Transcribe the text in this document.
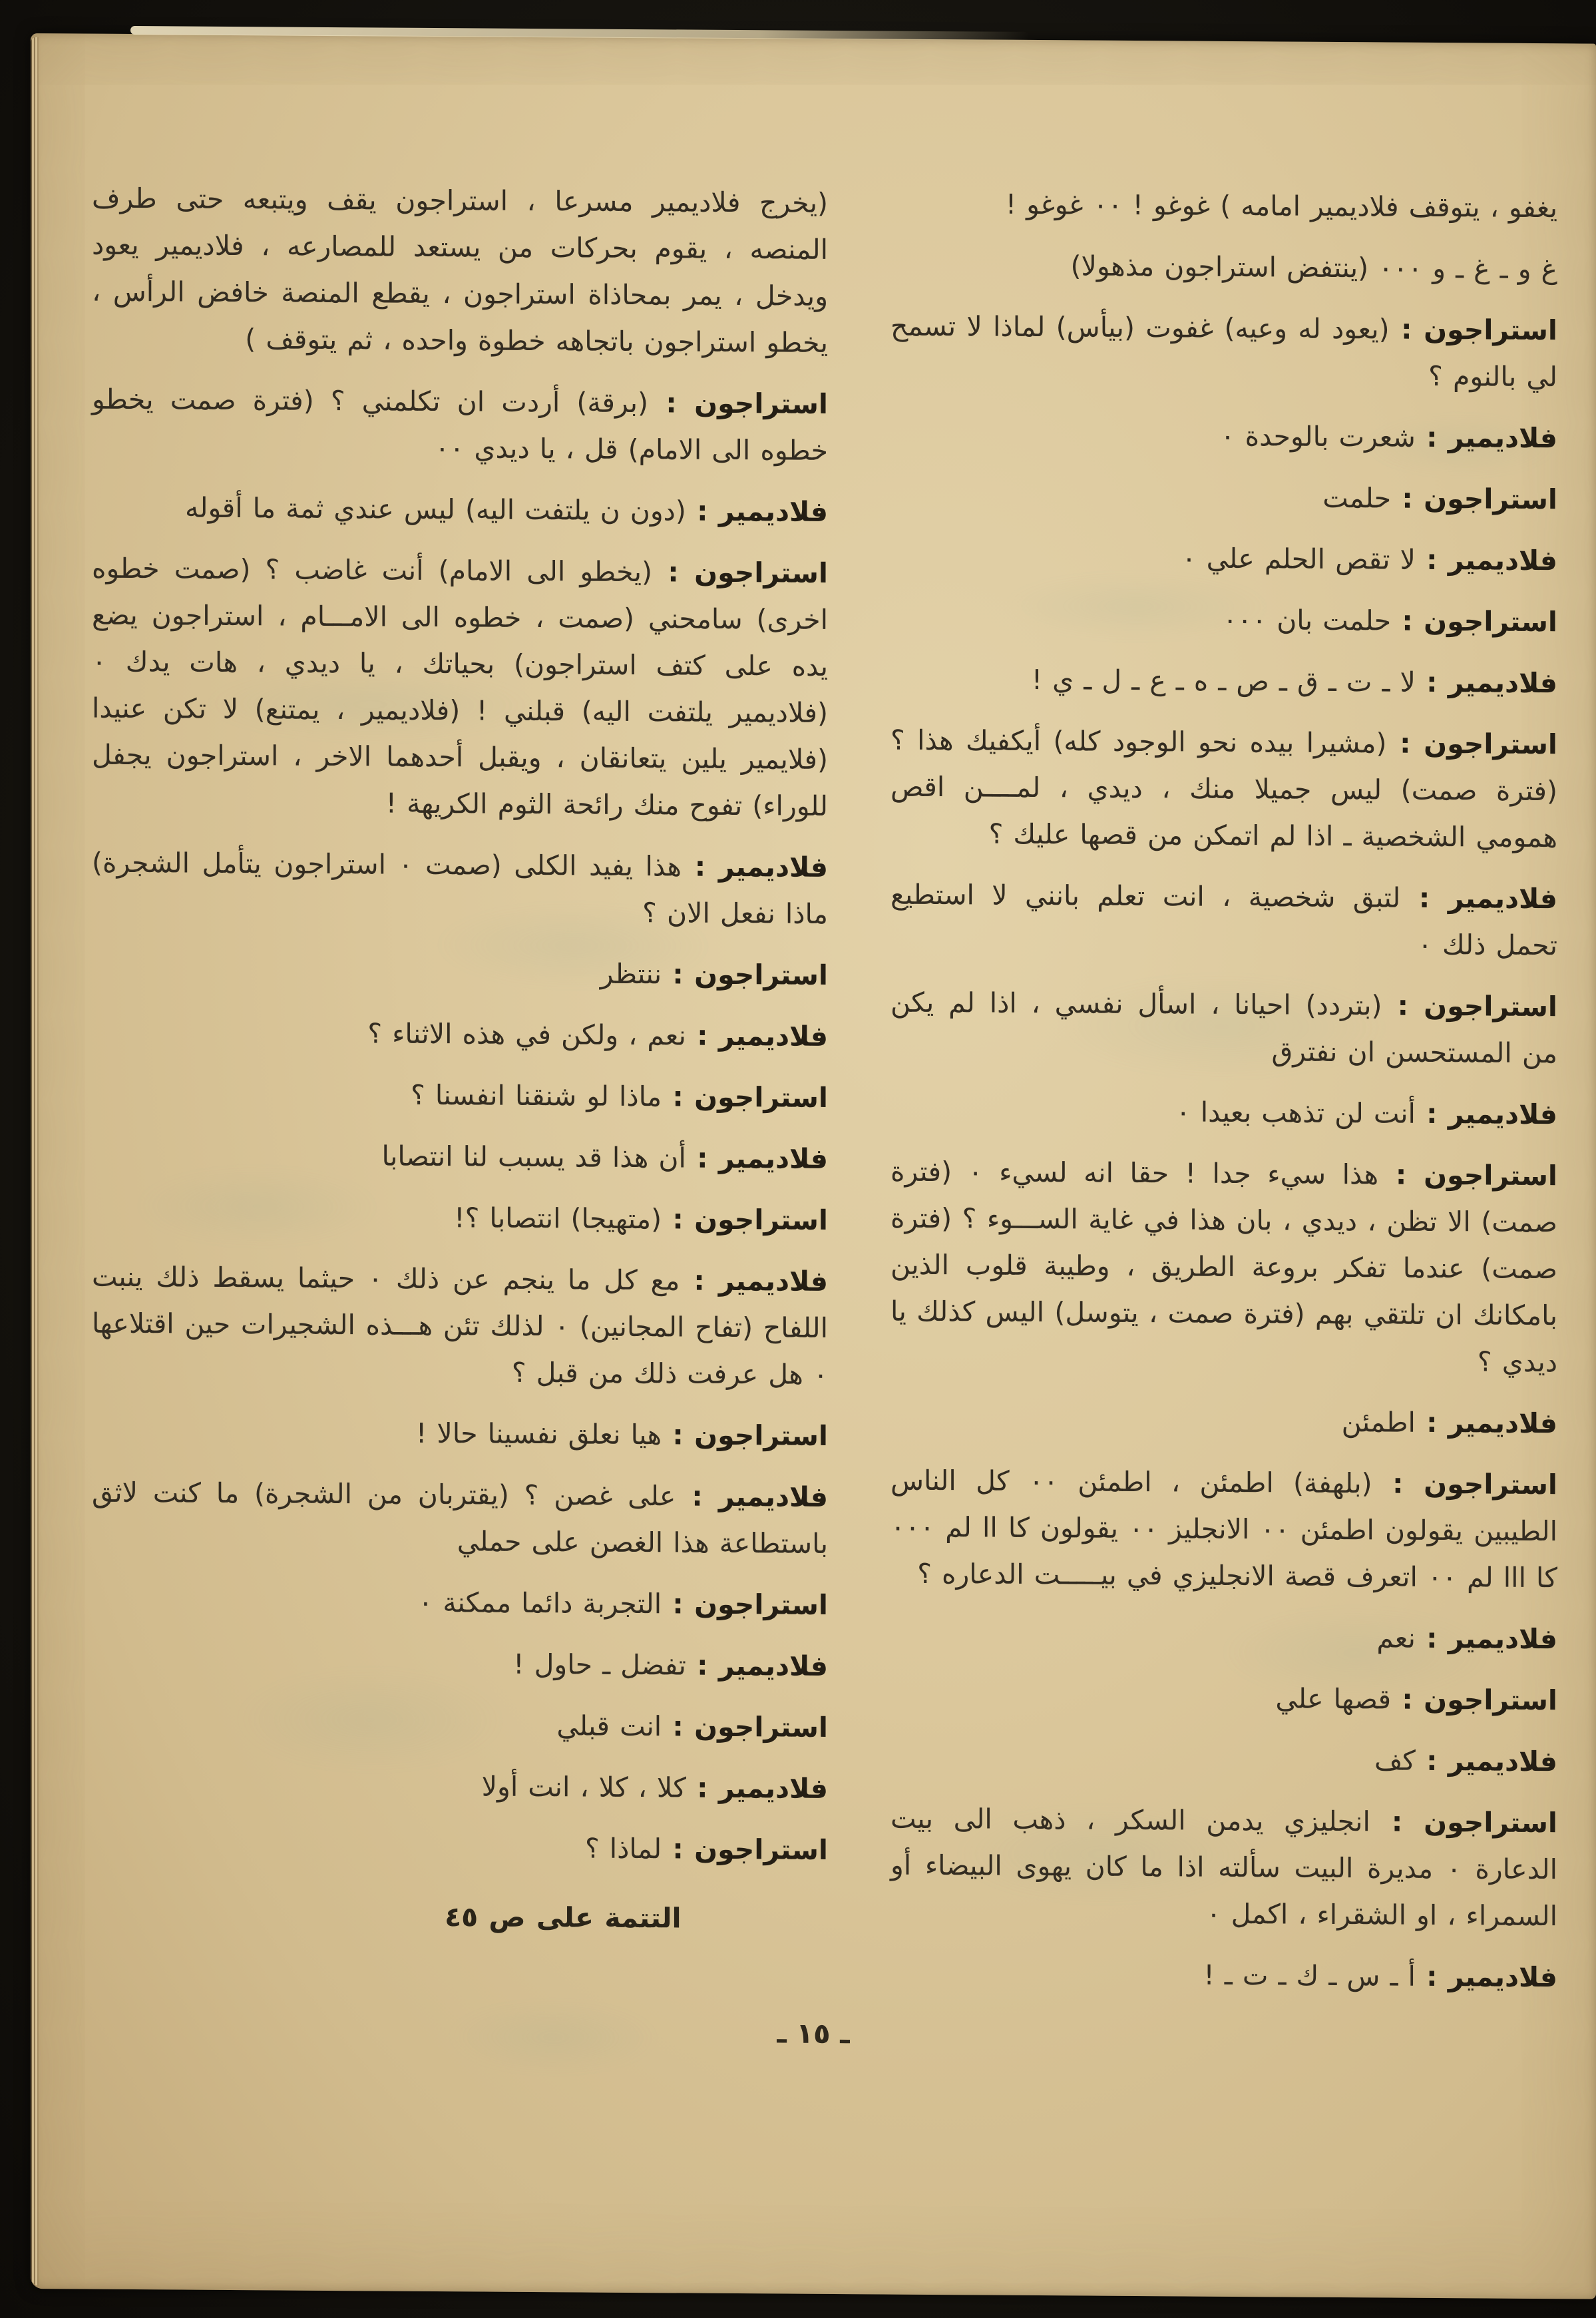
يغفو ، يتوقف فلاديمير امامه ) غوغو ! ٠٠ غوغو !

غ و ـ غ ـ و ٠٠٠ (ينتفض استراجون مذهولا)

استراجون : (يعود له وعيه) غفوت (بيأس) لماذا لا تسمح لي بالنوم ؟

فلاديمير : شعرت بالوحدة ٠

استراجون : حلمت

فلاديمير : لا تقص الحلم علي ٠

استراجون : حلمت بان ٠٠٠

فلاديمير : لا ـ ت ـ ق ـ ص ـ ه ـ ع ـ ل ـ ي !

استراجون : (مشيرا بيده نحو الوجود كله) أيكفيك هذا ؟ (فترة صمت) ليس جميلا منك ، ديدي ، لمــــن اقص همومي الشخصية ـ اذا لم اتمكن من قصها عليك ؟

فلاديمير : لتبق شخصية ، انت تعلم بانني لا استطيع تحمل ذلك ٠

استراجون : (بتردد) احيانا ، اسأل نفسي ، اذا لم يكن من المستحسن ان نفترق

فلاديمير : أنت لن تذهب بعيدا ٠

استراجون : هذا سيء جدا ! حقا انه لسيء ٠ (فترة صمت) الا تظن ، ديدي ، بان هذا في غاية الســـوء ؟ (فترة صمت) عندما تفكر بروعة الطريق ، وطيبة قلوب الذين بامكانك ان تلتقي بهم (فترة صمت ، يتوسل) اليس كذلك يا ديدي ؟

فلاديمير : اطمئن

استراجون : (بلهفة) اطمئن ، اطمئن ٠٠ كل الناس الطيبين يقولون اطمئن ٠٠ الانجليز ٠٠ يقولون كا اا لم ٠٠٠ كا ااا لم ٠٠ اتعرف قصة الانجليزي في بيـــــت الدعاره ؟

فلاديمير : نعم

استراجون : قصها علي

فلاديمير : كف

استراجون : انجليزي يدمن السكر ، ذهب الى بيت الدعارة ٠ مديرة البيت سألته اذا ما كان يهوى البيضاء أو السمراء ، او الشقراء ، اكمل ٠

فلاديمير : أ ـ س ـ ك ـ ت ـ !

(يخرج فلاديمير مسرعا ، استراجون يقف ويتبعه حتى طرف المنصه ، يقوم بحركات من يستعد للمصارعه ، فلاديمير يعود ويدخل ، يمر بمحاذاة استراجون ، يقطع المنصة خافض الرأس ، يخطو استراجون باتجاهه خطوة واحده ، ثم يتوقف )

استراجون : (برقة) أردت ان تكلمني ؟ (فترة صمت يخطو خطوه الى الامام) قل ، يا ديدي ٠٠

فلاديمير : (دون ن يلتفت اليه) ليس عندي ثمة ما أقوله

استراجون : (يخطو الى الامام) أنت غاضب ؟ (صمت خطوه اخرى) سامحني (صمت ، خطوه الى الامـــام ، استراجون يضع يده على كتف استراجون) بحياتك ، يا ديدي ، هات يدك ٠ (فلاديمير يلتفت اليه) قبلني ! (فلاديمير ، يمتنع) لا تكن عنيدا (فلايمير يلين يتعانقان ، ويقبل أحدهما الاخر ، استراجون يجفل للوراء) تفوح منك رائحة الثوم الكريهة !

فلاديمير : هذا يفيد الكلى (صمت ٠ استراجون يتأمل الشجرة) ماذا نفعل الان ؟

استراجون : ننتظر

فلاديمير : نعم ، ولكن في هذه الاثناء ؟

استراجون : ماذا لو شنقنا انفسنا ؟

فلاديمير : أن هذا قد يسبب لنا انتصابا

استراجون : (متهيجا) انتصابا ؟!

فلاديمير : مع كل ما ينجم عن ذلك ٠ حيثما يسقط ذلك ينبت اللفاح (تفاح المجانين) ٠ لذلك تئن هـــذه الشجيرات حين اقتلاعها ٠ هل عرفت ذلك من قبل ؟

استراجون : هيا نعلق نفسينا حالا !

فلاديمير : على غصن ؟ (يقتربان من الشجرة) ما كنت لاثق باستطاعة هذا الغصن على حملي

استراجون : التجربة دائما ممكنة ٠

فلاديمير : تفضل ـ حاول !

استراجون : انت قبلي

فلاديمير : كلا ، كلا ، انت أولا

استراجون : لماذا ؟

التتمة على ص ٤٥
ـ ١٥ ـ
